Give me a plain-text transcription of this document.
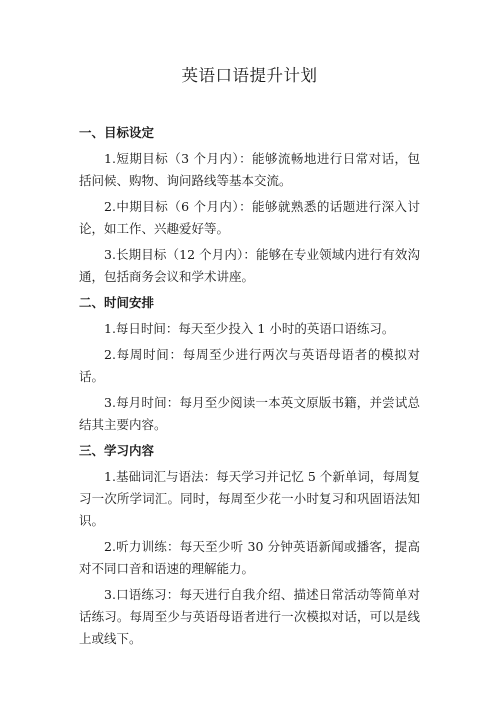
英语口语提升计划
一、目标设定

1.短期目标（3 个月内）：能够流畅地进行日常对话，包括问候、购物、询问路线等基本交流。

2.中期目标（6 个月内）：能够就熟悉的话题进行深入讨论，如工作、兴趣爱好等。

3.长期目标（12 个月内）：能够在专业领域内进行有效沟通，包括商务会议和学术讲座。

二、时间安排

1.每日时间：每天至少投入 1 小时的英语口语练习。

2.每周时间：每周至少进行两次与英语母语者的模拟对话。

3.每月时间：每月至少阅读一本英文原版书籍，并尝试总结其主要内容。

三、学习内容

1.基础词汇与语法：每天学习并记忆 5 个新单词，每周复习一次所学词汇。同时，每周至少花一小时复习和巩固语法知识。

2.听力训练：每天至少听 30 分钟英语新闻或播客，提高对不同口音和语速的理解能力。

3.口语练习：每天进行自我介绍、描述日常活动等简单对话练习。每周至少与英语母语者进行一次模拟对话，可以是线上或线下。
